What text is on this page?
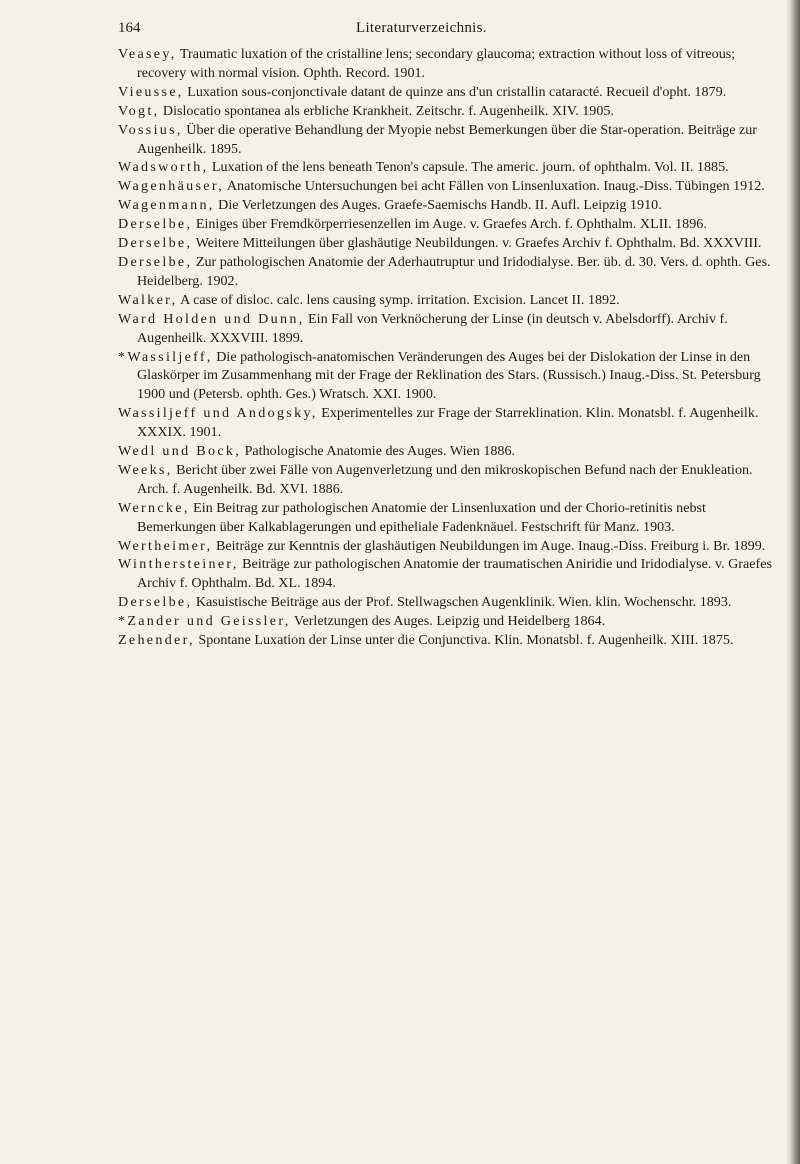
164	Literaturverzeichnis.
Veasey, Traumatic luxation of the cristalline lens; secondary glaucoma; extraction without loss of vitreous; recovery with normal vision. Ophth. Record. 1901.
Vieusse, Luxation sous-conjonctivale datant de quinze ans d'un cristallin cataracté. Recueil d'opht. 1879.
Vogt, Dislocatio spontanea als erbliche Krankheit. Zeitschr. f. Augenheilk. XIV. 1905.
Vossius, Über die operative Behandlung der Myopie nebst Bemerkungen über die Star-operation. Beiträge zur Augenheilk. 1895.
Wadsworth, Luxation of the lens beneath Tenon's capsule. The americ. journ. of ophthalm. Vol. II. 1885.
Wagenhäuser, Anatomische Untersuchungen bei acht Fällen von Linsenluxation. Inaug.-Diss. Tübingen 1912.
Wagenmann, Die Verletzungen des Auges. Graefe-Saemischs Handb. II. Aufl. Leipzig 1910.
Derselbe, Einiges über Fremdkörperriesenzellen im Auge. v. Graefes Arch. f. Ophthalm. XLII. 1896.
Derselbe, Weitere Mitteilungen über glashäutige Neubildungen. v. Graefes Archiv f. Ophthalm. Bd. XXXVIII.
Derselbe, Zur pathologischen Anatomie der Aderhautruptur und Iridodialyse. Ber. üb. d. 30. Vers. d. ophth. Ges. Heidelberg. 1902.
Walker, A case of disloc. calc. lens causing symp. irritation. Excision. Lancet II. 1892.
Ward Holden und Dunn, Ein Fall von Verknöcherung der Linse (in deutsch v. Abelsdorff). Archiv f. Augenheilk. XXXVIII. 1899.
*Wassiljeff, Die pathologisch-anatomischen Veränderungen des Auges bei der Dislokation der Linse in den Glaskörper im Zusammenhang mit der Frage der Reklination des Stars. (Russisch.) Inaug.-Diss. St. Petersburg 1900 und (Petersb. ophth. Ges.) Wratsch. XXI. 1900.
Wassiljeff und Andogsky, Experimentelles zur Frage der Starreklination. Klin. Monatsbl. f. Augenheilk. XXXIX. 1901.
Wedl und Bock, Pathologische Anatomie des Auges. Wien 1886.
Weeks, Bericht über zwei Fälle von Augenverletzung und den mikroskopischen Befund nach der Enukleation. Arch. f. Augenheilk. Bd. XVI. 1886.
Werncke, Ein Beitrag zur pathologischen Anatomie der Linsenluxation und der Chorio-retinitis nebst Bemerkungen über Kalkablagerungen und epitheliale Fadenknäuel. Festschrift für Manz. 1903.
Wertheimer, Beiträge zur Kenntnis der glashäutigen Neubildungen im Auge. Inaug.-Diss. Freiburg i. Br. 1899.
Winthersteiner, Beiträge zur pathologischen Anatomie der traumatischen Aniridie und Iridodialyse. v. Graefes Archiv f. Ophthalm. Bd. XL. 1894.
Derselbe, Kasuistische Beiträge aus der Prof. Stellwagschen Augenklinik. Wien. klin. Wochenschr. 1893.
*Zander und Geissler, Verletzungen des Auges. Leipzig und Heidelberg 1864.
Zehender, Spontane Luxation der Linse unter die Conjunctiva. Klin. Monatsbl. f. Augenheilk. XIII. 1875.
